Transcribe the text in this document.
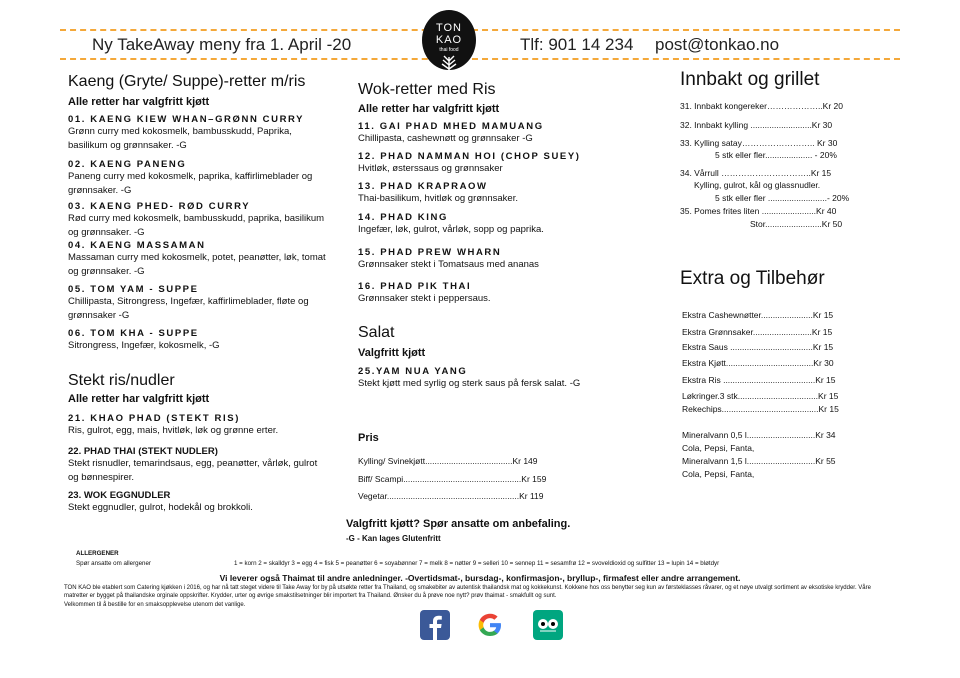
Ny TakeAway meny fra 1. April -20	Tlf: 901 14 234 post@tonkao.no
TON KAO
thai food
Kaeng (Gryte/ Suppe)-retter m/ris
Alle retter har valgfritt kjøtt
01. KAENG KIEW WHAN–GRØNN CURRY
Grønn curry med kokosmelk, bambusskudd, Paprika, basilikum og grønnsaker. -G
02. KAENG PANENG
Paneng curry med kokosmelk, paprika, kaffirlimeblader og grønnsaker. -G
03. KAENG PHED- RØD CURRY
Rød curry med kokosmelk, bambusskudd, paprika, basilikum og grønnsaker. -G
04. KAENG MASSAMAN
Massaman curry med kokosmelk, potet, peanøtter, løk, tomat og grønnsaker. -G
05. TOM YAM - SUPPE
Chillipasta, Sitrongress, Ingefær, kaffirlimeblader, fløte og grønnsaker -G
06. TOM KHA - SUPPE
Sitrongress, Ingefær, kokosmelk, -G
Stekt ris/nudler
Alle retter har valgfritt kjøtt
21. KHAO PHAD (STEKT RIS)
Ris, gulrot, egg, mais, hvitløk, løk og grønne erter.
22. PHAD THAI (STEKT NUDLER)
Stekt risnudler, temarindsaus, egg, peanøtter, vårløk, gulrot og bønnespirer.
23. WOK EGGNUDLER
Stekt eggnudler, gulrot, hodekål og brokkoli.
Wok-retter med Ris
Alle retter har valgfritt kjøtt
11. GAI PHAD MHED MAMUANG
Chillipasta, cashewnøtt og grønnsaker -G
12. PHAD NAMMAN HOI (CHOP SUEY)
Hvitløk, østerssaus og grønnsaker
13. PHAD KRAPRAOW
Thai-basilikum, hvitløk og grønnsaker.
14. PHAD KING
Ingefær, løk, gulrot, vårløk, sopp og paprika.
15. PHAD PREW WHARN
Grønnsaker stekt i Tomatsaus med ananas
16. PHAD PIK THAI
Grønnsaker stekt i peppersaus.
Salat
Valgfritt kjøtt
25.YAM NUA YANG
Stekt kjøtt med syrlig og sterk saus på fersk salat. -G
Pris
Kylling/ Svinekjøtt.....................................Kr 149
Biff/ Scampi..................................................Kr 159
Vegetar........................................................Kr 119
Innbakt og grillet
31. Innbakt kongereker………………..Kr 20
32. Innbakt kylling ..........................Kr 30
33. Kylling satay…………………….. Kr 30
5 stk eller fler.................... - 20%
34. Vårrull …………………………..Kr 15
Kylling, gulrot, kål og glassnudler.
5 stk eller fler .........................- 20%
35. Pomes frites liten .......................Kr 40
Stor........................Kr 50
Extra og Tilbehør
Ekstra Cashewnøtter......................Kr 15
Ekstra Grønnsaker.........................Kr 15
Ekstra Saus ...................................Kr 15
Ekstra Kjøtt.....................................Kr 30
Ekstra Ris .......................................Kr 15
Løkringer.3 stk..................................Kr 15
Rekechips.........................................Kr 15
Mineralvann 0,5 l.............................Kr 34
Cola, Pepsi, Fanta,
Mineralvann 1,5 l.............................Kr 55
Cola, Pepsi, Fanta,
Valgfritt kjøtt? Spør ansatte om anbefaling.
-G - Kan lages Glutenfritt
ALLERGENER
Spør ansatte om allergener	1 = korn 2 = skalldyr 3 = egg 4 = fisk 5 = peanøtter 6 = soyabønner 7 = melk 8 = nøtter 9 = selleri 10 = sennep 11 = sesamfrø 12 = svoveldioxid og sulfitter 13 = lupin 14 = bløtdyr
Vi leverer også Thaimat til andre anledninger. -Overtidsmat-, bursdag-, konfirmasjon-, bryllup-, firmafest eller andre arrangement.
TON KAO ble etablert som Catering kjøkken i 2016, og har nå tatt steget videre til Take Away for by på utsøkte retter fra Thailand, og smakebiter av autentisk thailandsk mat og kokkekunst. Kokkene hos oss benytter seg kun av førsteklasses råvarer, og et nøye utvalgt sortiment av eksotiske krydder. Våre matretter er bygget på thailandske orginale oppskrifter. Krydder, urter og øvrige smakstilsetninger blir importert fra Thailand. Ønsker du å prøve noe nytt? prøv thaimat - smakfullt og sunt.
Velkommen til å bestille for en smaksopplevelse utenom det vanlige.
